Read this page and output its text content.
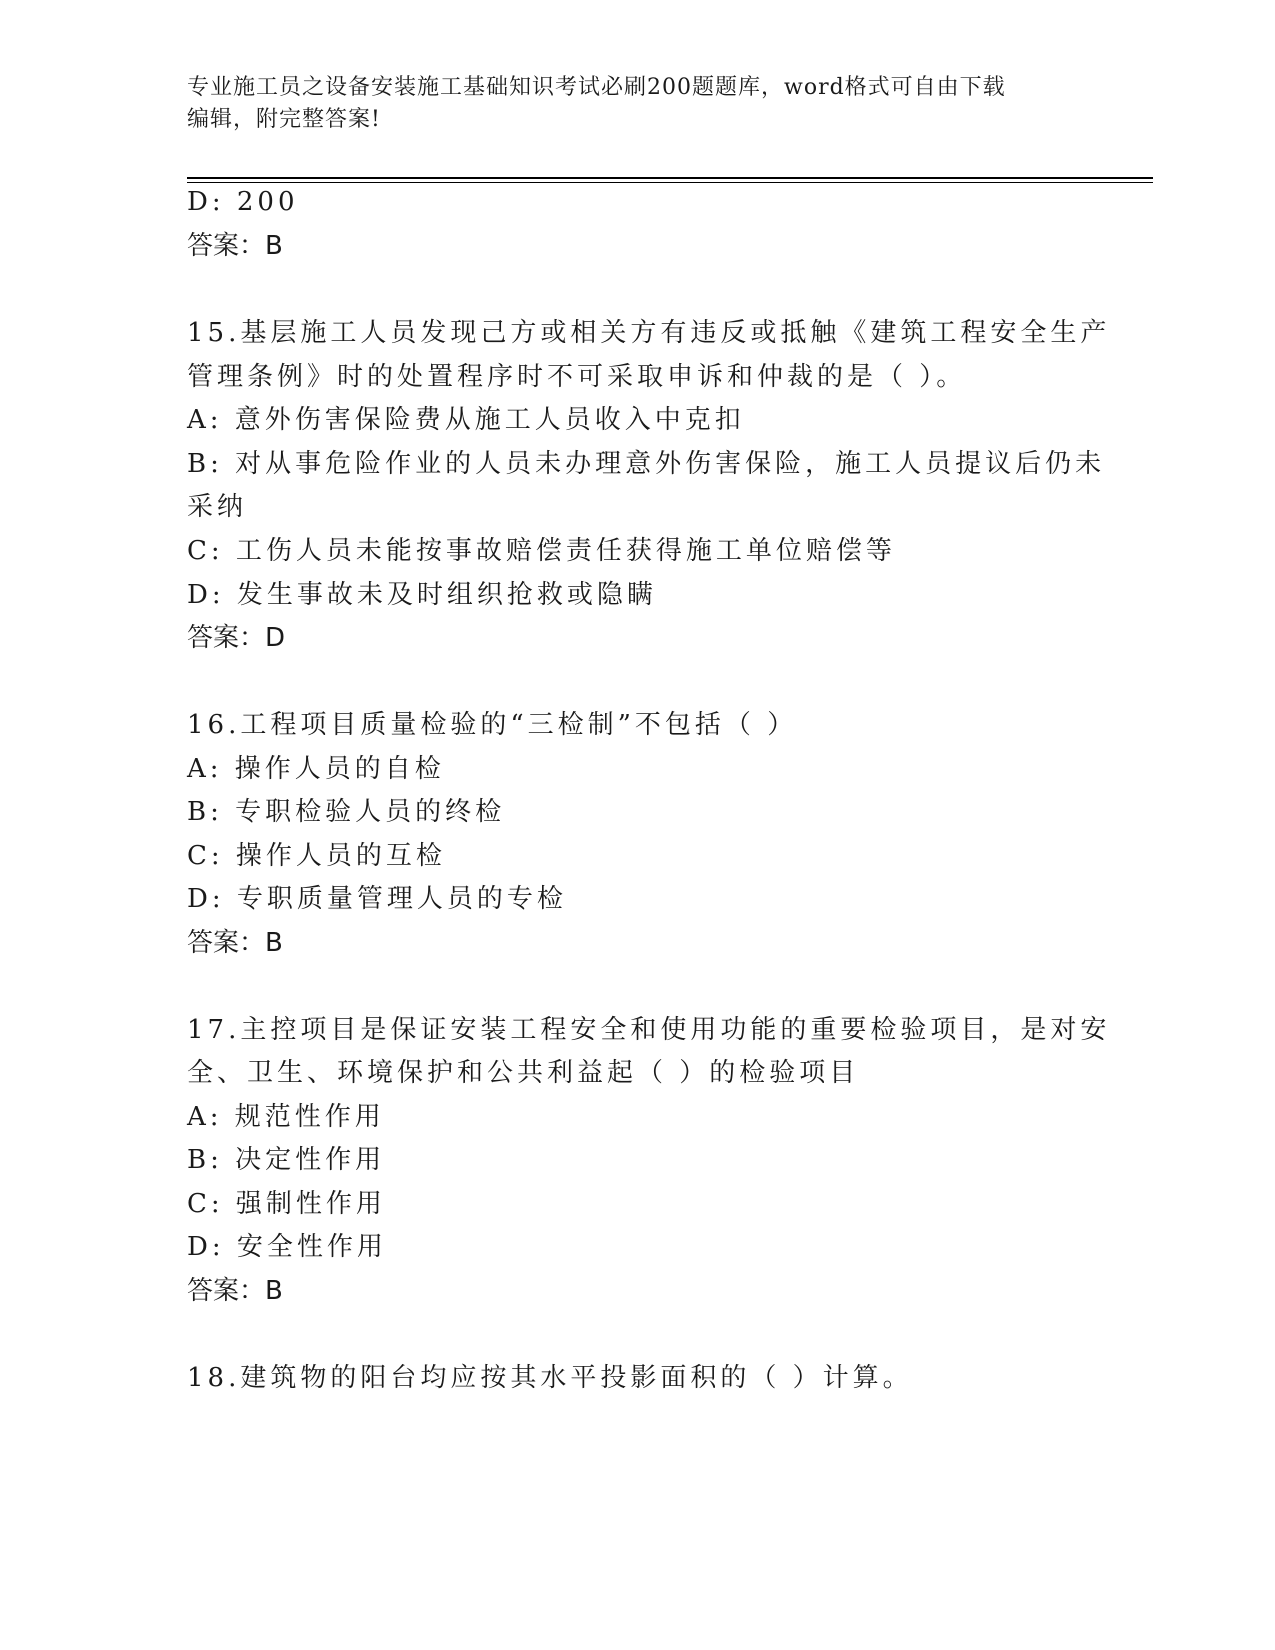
专业施工员之设备安装施工基础知识考试必刷200题题库，word格式可自由下载
编辑，附完整答案!
D: 200
答案：B
15.基层施工人员发现己方或相关方有违反或抵触《建筑工程安全生产
管理条例》时的处置程序时不可采取申诉和仲裁的是（ ）。
A: 意外伤害保险费从施工人员收入中克扣
B: 对从事危险作业的人员未办理意外伤害保险，施工人员提议后仍未
采纳
C: 工伤人员未能按事故赔偿责任获得施工单位赔偿等
D: 发生事故未及时组织抢救或隐瞒
答案：D
16.工程项目质量检验的“三检制”不包括（ ）
A: 操作人员的自检
B: 专职检验人员的终检
C: 操作人员的互检
D: 专职质量管理人员的专检
答案：B
17.主控项目是保证安装工程安全和使用功能的重要检验项目，是对安
全、卫生、环境保护和公共利益起（ ）的检验项目
A: 规范性作用
B: 决定性作用
C: 强制性作用
D: 安全性作用
答案：B
18.建筑物的阳台均应按其水平投影面积的（ ）计算。
